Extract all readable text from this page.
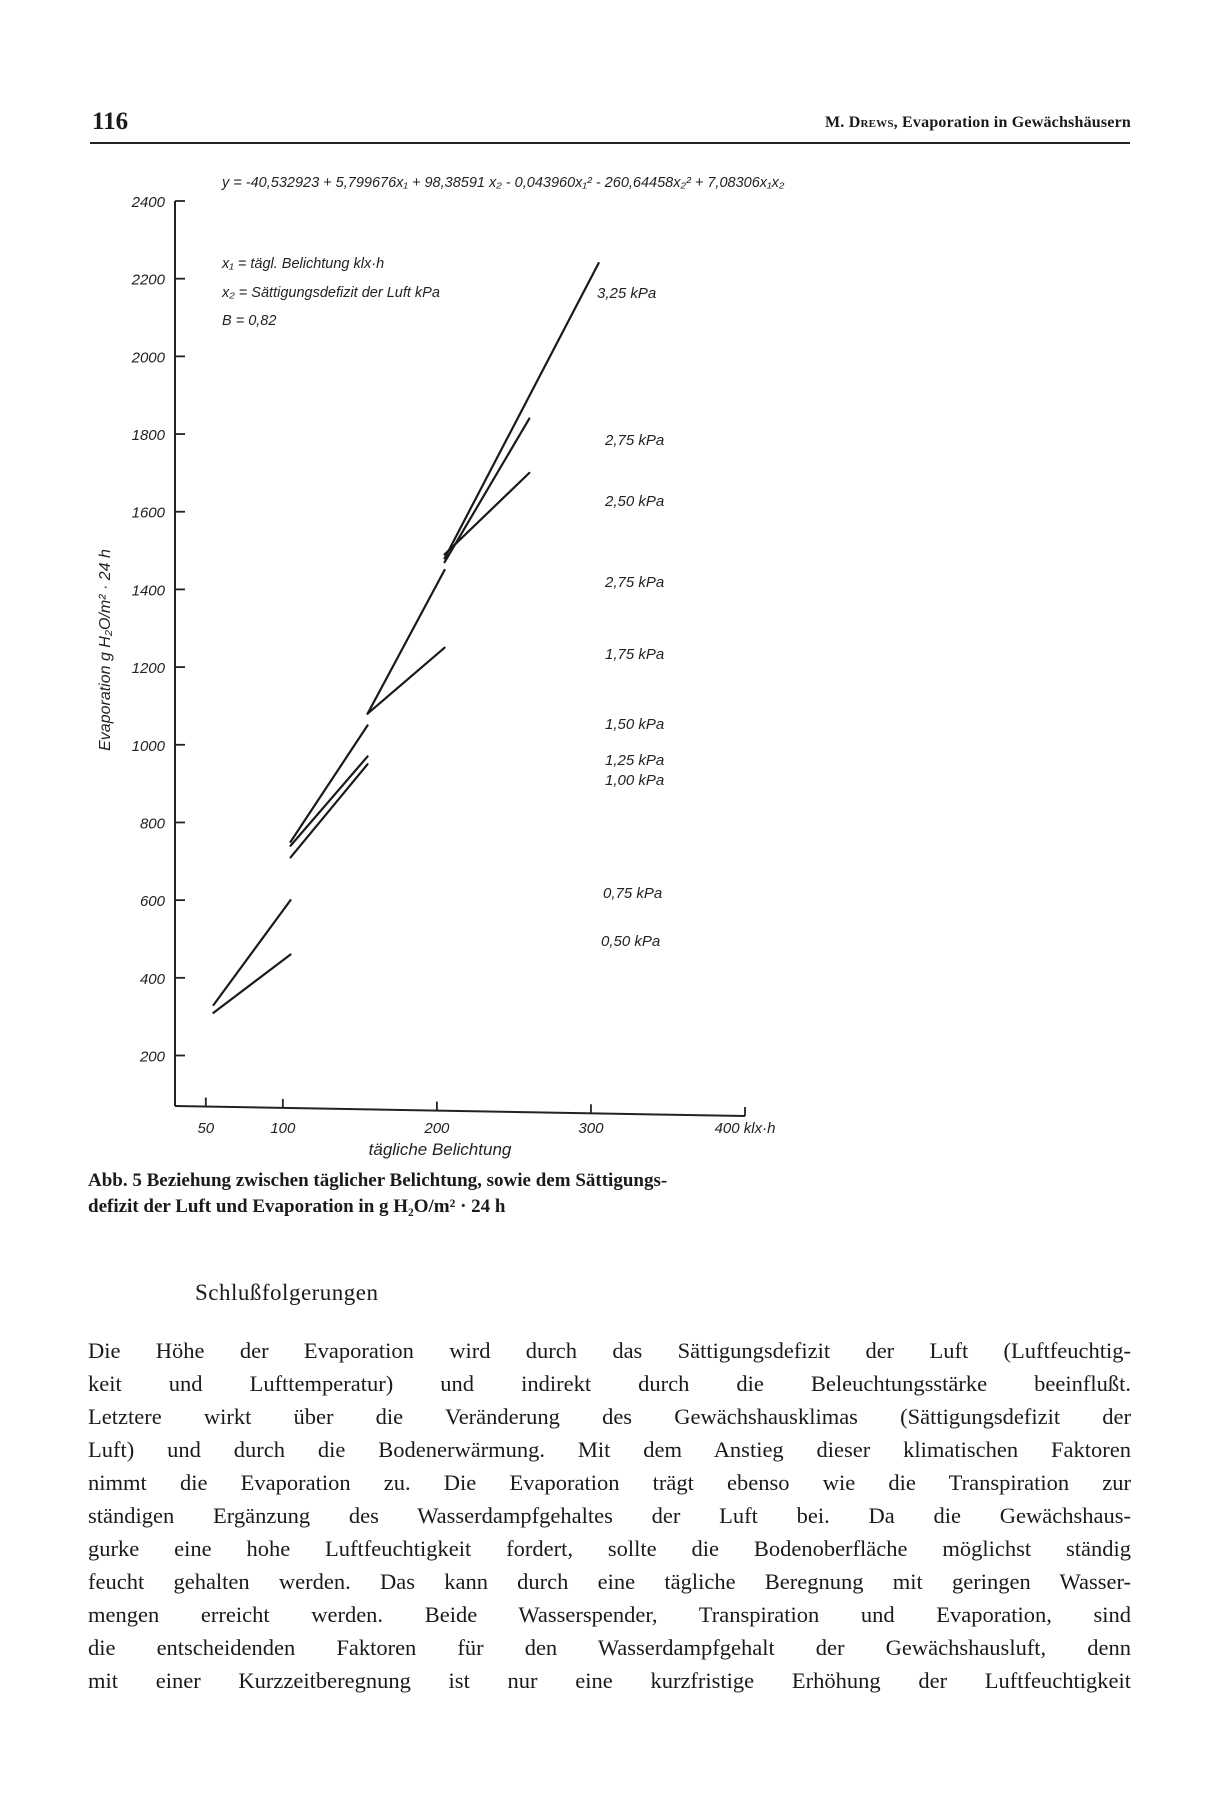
116	M. Drews, Evaporation in Gewächshäusern
y = -40,532923 + 5,799676x₁ + 98,38591 x₂ - 0,043960x₁² - 260,64458x₂² + 7,08306x₁x₂
x₁ = tägl. Belichtung klx·h
x₂ = Sättigungsdefizit der Luft kPa
B = 0,82
Evaporation g H₂O/m² · 24 h
tägliche Belichtung
200
400
600
800
1000
1200
1400
1600
1800
2000
2200
2400
50	100	200	300	400 klx·h
3,25 kPa
2,75 kPa
2,50 kPa
2,75 kPa
1,75 kPa
1,50 kPa
1,25 kPa
1,00 kPa
0,75 kPa
0,50 kPa
Abb. 5 Beziehung zwischen täglicher Belichtung, sowie dem Sättigungs-
defizit der Luft und Evaporation in g H₂O/m² · 24 h
Schlußfolgerungen
Die Höhe der Evaporation wird durch das Sättigungsdefizit der Luft (Luftfeuchtig-
keit und Lufttemperatur) und indirekt durch die Beleuchtungsstärke beeinflußt.
Letztere wirkt über die Veränderung des Gewächshausklimas (Sättigungsdefizit der
Luft) und durch die Bodenerwärmung. Mit dem Anstieg dieser klimatischen Faktoren
nimmt die Evaporation zu. Die Evaporation trägt ebenso wie die Transpiration zur
ständigen Ergänzung des Wasserdampfgehaltes der Luft bei. Da die Gewächshaus-
gurke eine hohe Luftfeuchtigkeit fordert, sollte die Bodenoberfläche möglichst ständig
feucht gehalten werden. Das kann durch eine tägliche Beregnung mit geringen Wasser-
mengen erreicht werden. Beide Wasserspender, Transpiration und Evaporation, sind
die entscheidenden Faktoren für den Wasserdampfgehalt der Gewächshausluft, denn
mit einer Kurzzeitberegnung ist nur eine kurzfristige Erhöhung der Luftfeuchtigkeit
